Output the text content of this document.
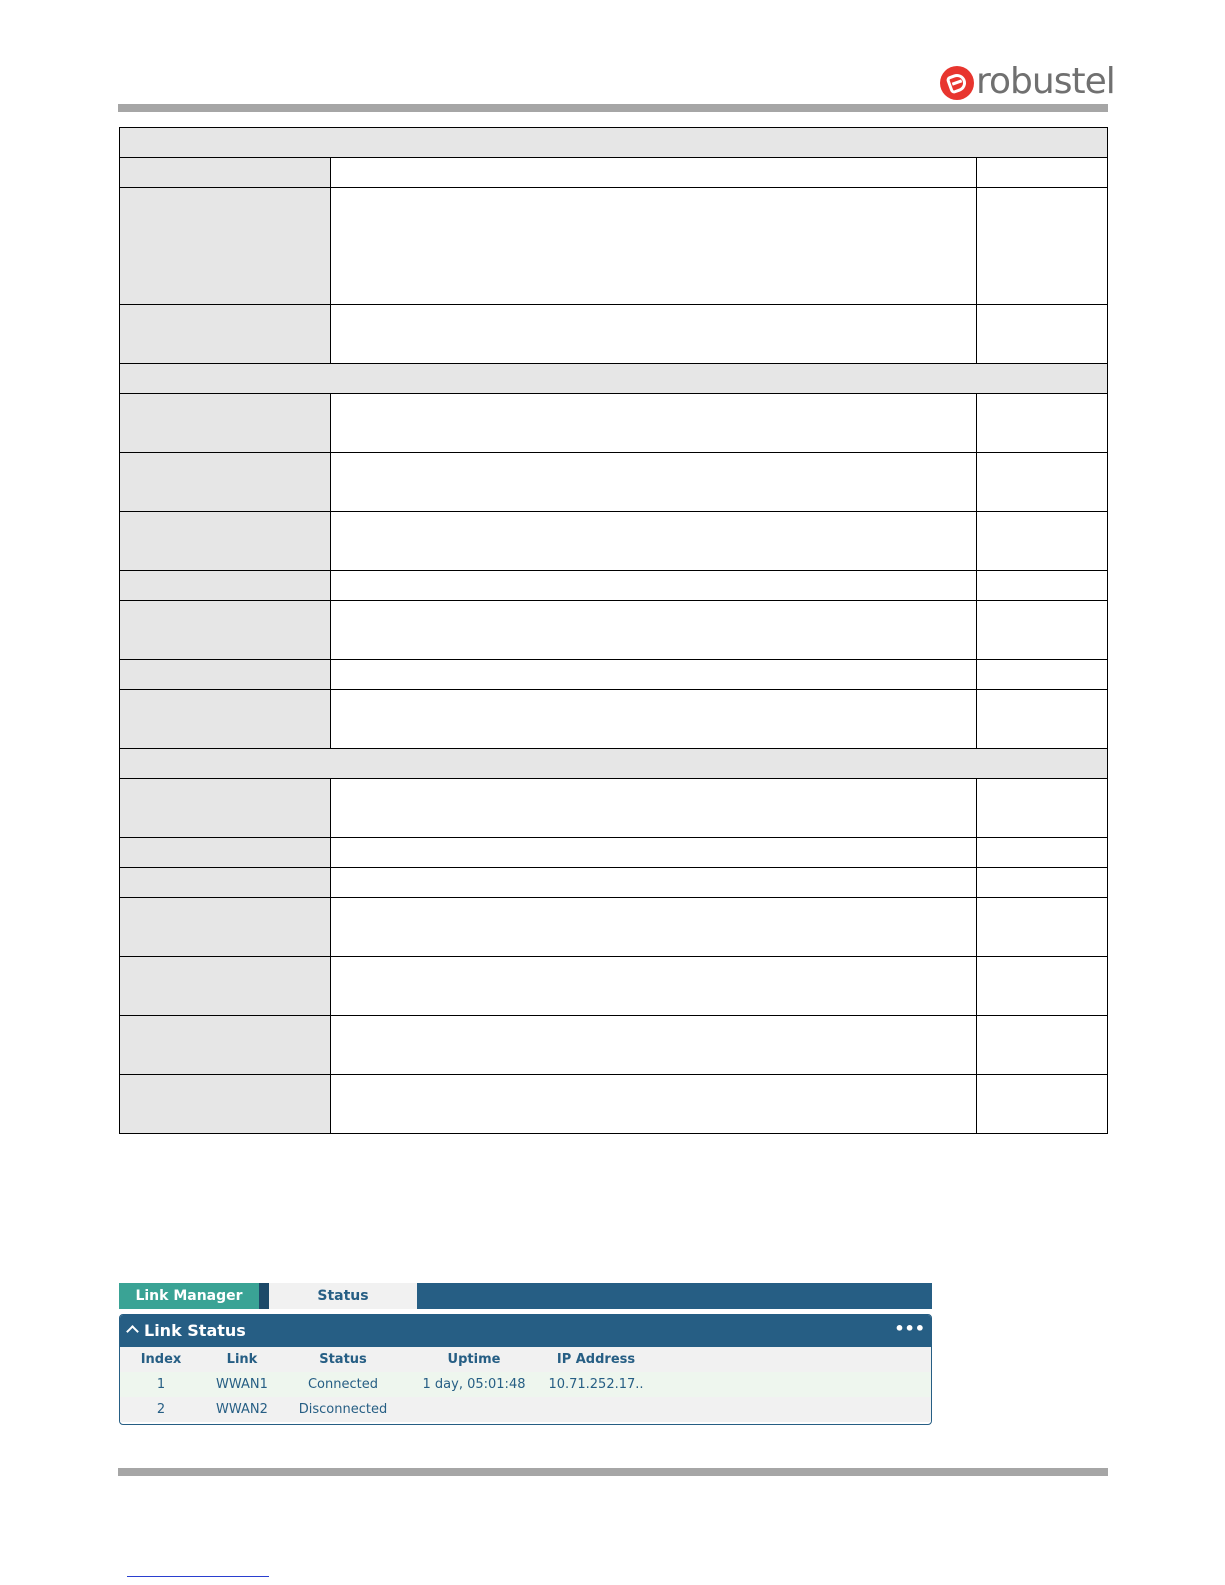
robustel

Link Manager	Status
Link Status	•••
Index	Link	Status	Uptime	IP Address
1	WWAN1	Connected	1 day, 05:01:48	10.71.252.17..
2	WWAN2	Disconnected
